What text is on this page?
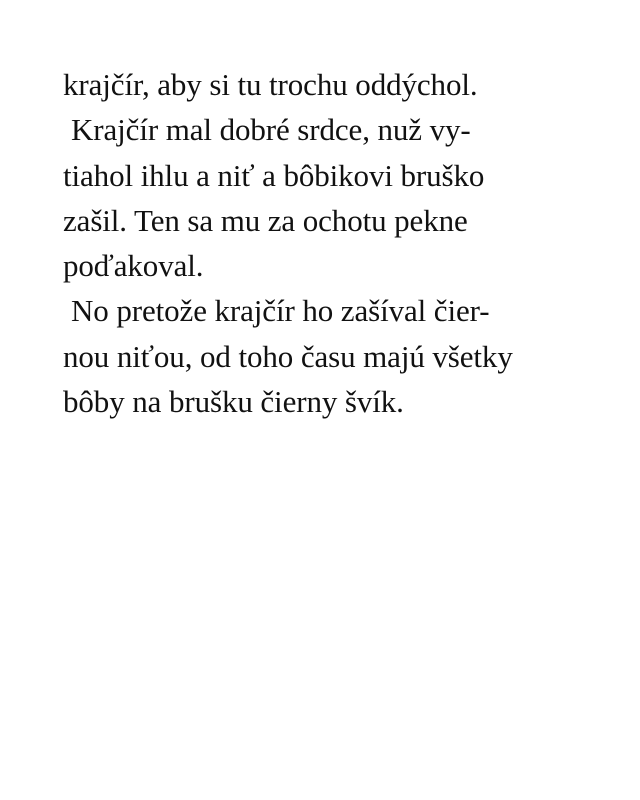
krajčír, aby si tu trochu oddýchol.
Krajčír mal dobré srdce, nuž vy-
tiahol ihlu a niť a bôbikovi bruško
zašil. Ten sa mu za ochotu pekne
poďakoval.
No pretože krajčír ho zašíval čier-
nou niťou, od toho času majú všetky
bôby na brušku čierny švík.
